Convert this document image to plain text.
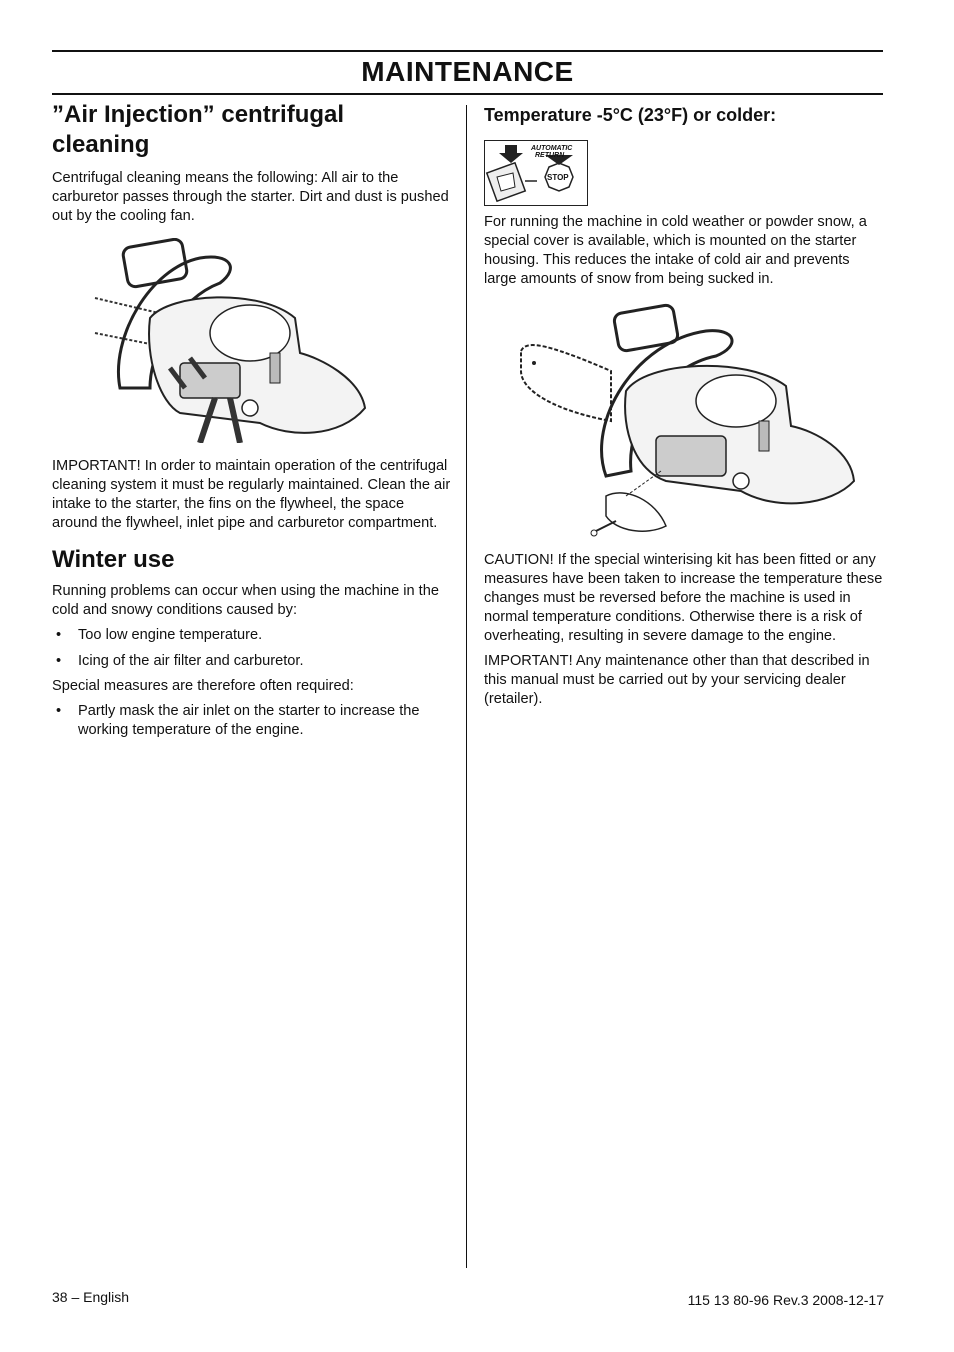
MAINTENANCE
”Air Injection” centrifugal cleaning

Centrifugal cleaning means the following: All air to the carburetor passes through the starter. Dirt and dust is pushed out by the cooling fan.

IMPORTANT! In order to maintain operation of the centrifugal cleaning system it must be regularly maintained. Clean the air intake to the starter, the fins on the flywheel, the space around the flywheel, inlet pipe and carburetor compartment.

Winter use

Running problems can occur when using the machine in the cold and snowy conditions caused by:

• Too low engine temperature.
• Icing of the air filter and carburetor.

Special measures are therefore often required:

• Partly mask the air inlet on the starter to increase the working temperature of the engine.
Temperature -5°C (23°F) or colder:
AUTOMATIC
RETURN
STOP

For running the machine in cold weather or powder snow, a special cover is available, which is mounted on the starter housing. This reduces the intake of cold air and prevents large amounts of snow from being sucked in.

CAUTION! If the special winterising kit has been fitted or any measures have been taken to increase the temperature these changes must be reversed before the machine is used in normal temperature conditions. Otherwise there is a risk of overheating, resulting in severe damage to the engine.

IMPORTANT! Any maintenance other than that described in this manual must be carried out by your servicing dealer (retailer).

38 – English	115 13 80-96 Rev.3 2008-12-17
